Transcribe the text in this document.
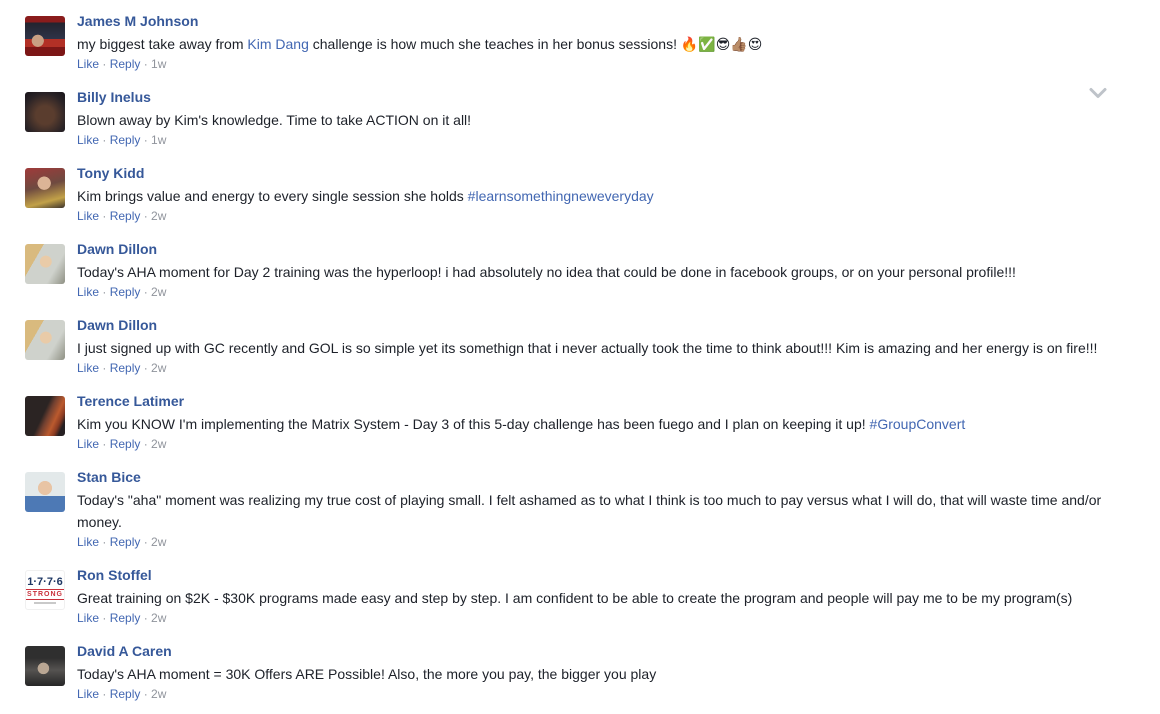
James M Johnson
my biggest take away from Kim Dang challenge is how much she teaches in her bonus sessions! 🔥✅😎👍🏽😍
Like · Reply · 1w
Billy Inelus
Blown away by Kim's knowledge. Time to take ACTION on it all!
Like · Reply · 1w
Tony Kidd
Kim brings value and energy to every single session she holds #learnsomethingneweveryday
Like · Reply · 2w
Dawn Dillon
Today's AHA moment for Day 2 training was the hyperloop! i had absolutely no idea that could be done in facebook groups, or on your personal profile!!!
Like · Reply · 2w
Dawn Dillon
I just signed up with GC recently and GOL is so simple yet its somethign that i never actually took the time to think about!!! Kim is amazing and her energy is on fire!!!
Like · Reply · 2w
Terence Latimer
Kim you KNOW I'm implementing the Matrix System - Day 3 of this 5-day challenge has been fuego and I plan on keeping it up! #GroupConvert
Like · Reply · 2w
Stan Bice
Today's "aha" moment was realizing my true cost of playing small. I felt ashamed as to what I think is too much to pay versus what I will do, that will waste time and/or money.
Like · Reply · 2w
1·7·7·6
STRONG
Ron Stoffel
Great training on $2K - $30K programs made easy and step by step. I am confident to be able to create the program and people will pay me to be my program(s)
Like · Reply · 2w
David A Caren
Today's AHA moment = 30K Offers ARE Possible! Also, the more you pay, the bigger you play
Like · Reply · 2w
